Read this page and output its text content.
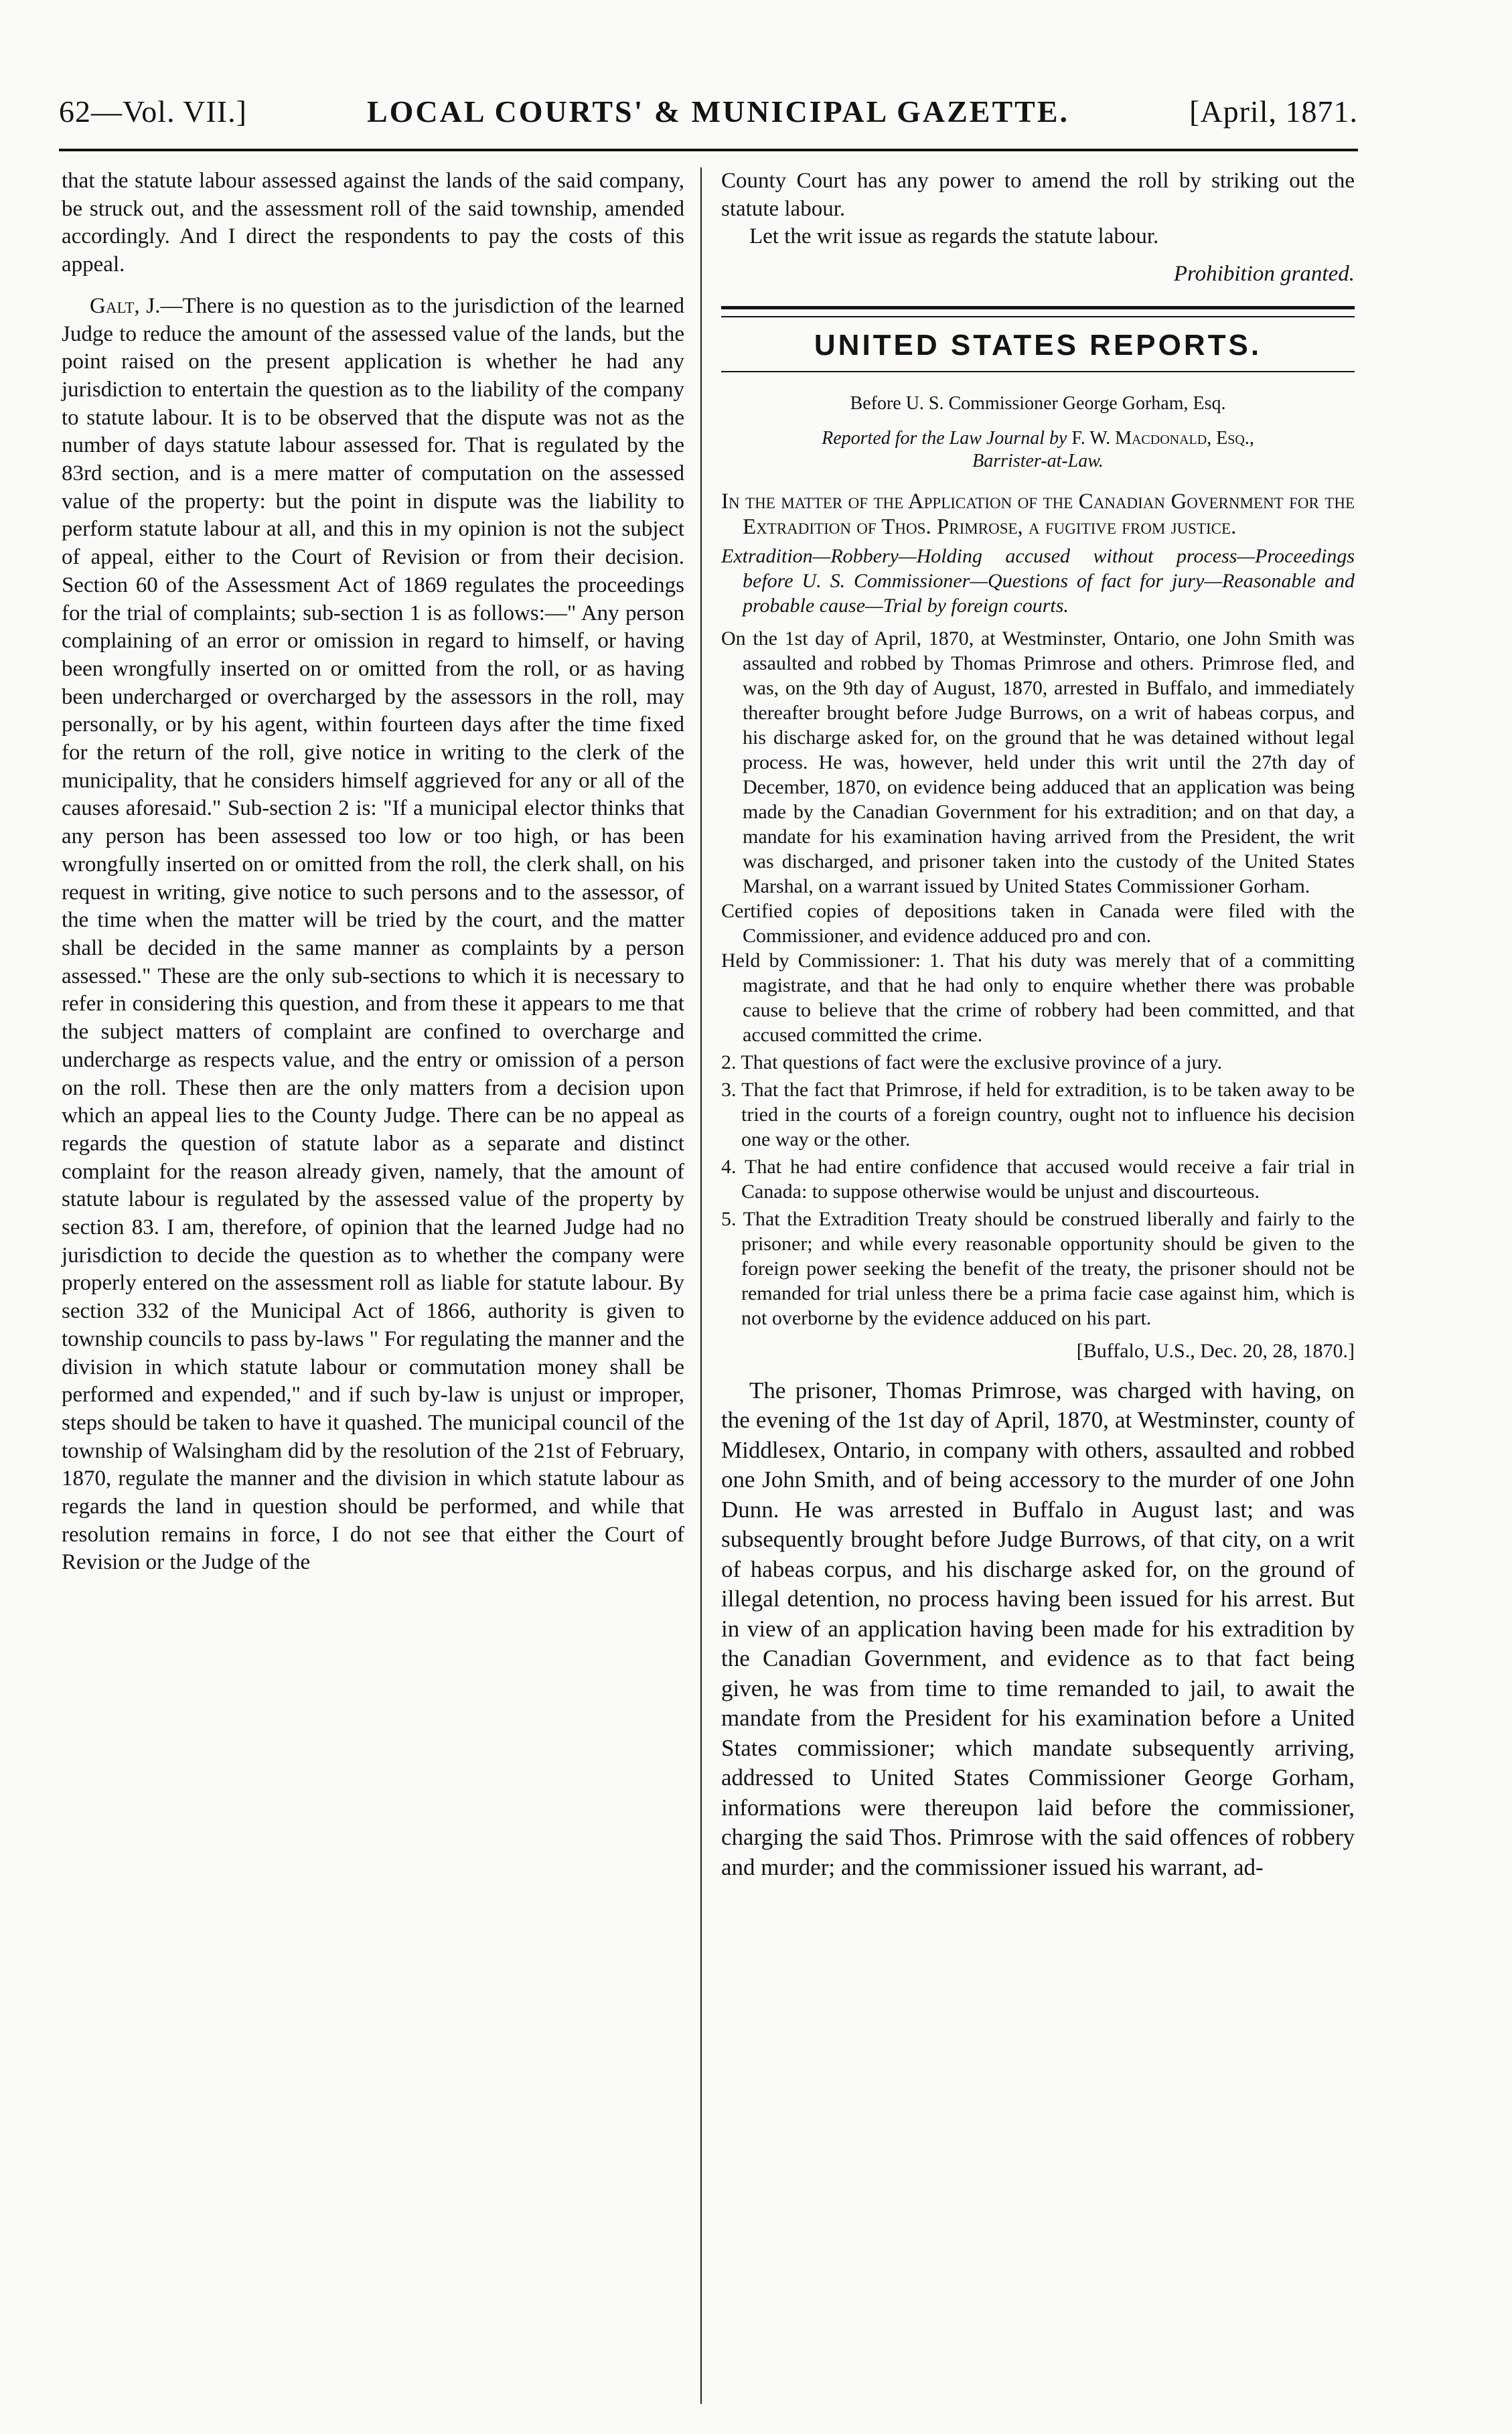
62—Vol. VII.]	LOCAL COURTS' & MUNICIPAL GAZETTE.	[April, 1871.

that the statute labour assessed against the lands of the said company, be struck out, and the assessment roll of the said township, amended accordingly. And I direct the respondents to pay the costs of this appeal.

Galt, J.—There is no question as to the jurisdiction of the learned Judge to reduce the amount of the assessed value of the lands, but the point raised on the present application is whether he had any jurisdiction to entertain the question as to the liability of the company to statute labour. It is to be observed that the dispute was not as the number of days statute labour assessed for. That is regulated by the 83rd section, and is a mere matter of computation on the assessed value of the property: but the point in dispute was the liability to perform statute labour at all, and this in my opinion is not the subject of appeal, either to the Court of Revision or from their decision. Section 60 of the Assessment Act of 1869 regulates the proceedings for the trial of complaints; sub-section 1 is as follows:—" Any person complaining of an error or omission in regard to himself, or having been wrongfully inserted on or omitted from the roll, or as having been undercharged or overcharged by the assessors in the roll, may personally, or by his agent, within fourteen days after the time fixed for the return of the roll, give notice in writing to the clerk of the municipality, that he considers himself aggrieved for any or all of the causes aforesaid." Sub-section 2 is: "If a municipal elector thinks that any person has been assessed too low or too high, or has been wrongfully inserted on or omitted from the roll, the clerk shall, on his request in writing, give notice to such persons and to the assessor, of the time when the matter will be tried by the court, and the matter shall be decided in the same manner as complaints by a person assessed." These are the only sub-sections to which it is necessary to refer in considering this question, and from these it appears to me that the subject matters of complaint are confined to overcharge and undercharge as respects value, and the entry or omission of a person on the roll. These then are the only matters from a decision upon which an appeal lies to the County Judge. There can be no appeal as regards the question of statute labor as a separate and distinct complaint for the reason already given, namely, that the amount of statute labour is regulated by the assessed value of the property by section 83. I am, therefore, of opinion that the learned Judge had no jurisdiction to decide the question as to whether the company were properly entered on the assessment roll as liable for statute labour. By section 332 of the Municipal Act of 1866, authority is given to township councils to pass by-laws " For regulating the manner and the division in which statute labour or commutation money shall be performed and expended," and if such by-law is unjust or improper, steps should be taken to have it quashed. The municipal council of the township of Walsingham did by the resolution of the 21st of February, 1870, regulate the manner and the division in which statute labour as regards the land in question should be performed, and while that resolution remains in force, I do not see that either the Court of Revision or the Judge of the

County Court has any power to amend the roll by striking out the statute labour.

Let the writ issue as regards the statute labour.

Prohibition granted.

UNITED STATES REPORTS.

Before U. S. Commissioner George Gorham, Esq.

Reported for the Law Journal by F. W. Macdonald, Esq.,

Barrister-at-Law.

In the matter of the Application of the Canadian Government for the Extradition of Thos. Primrose, a fugitive from justice.

Extradition—Robbery—Holding accused without process—Proceedings before U. S. Commissioner—Questions of fact for jury—Reasonable and probable cause—Trial by foreign courts.

On the 1st day of April, 1870, at Westminster, Ontario, one John Smith was assaulted and robbed by Thomas Primrose and others. Primrose fled, and was, on the 9th day of August, 1870, arrested in Buffalo, and immediately thereafter brought before Judge Burrows, on a writ of habeas corpus, and his discharge asked for, on the ground that he was detained without legal process. He was, however, held under this writ until the 27th day of December, 1870, on evidence being adduced that an application was being made by the Canadian Government for his extradition; and on that day, a mandate for his examination having arrived from the President, the writ was discharged, and prisoner taken into the custody of the United States Marshal, on a warrant issued by United States Commissioner Gorham.

Certified copies of depositions taken in Canada were filed with the Commissioner, and evidence adduced pro and con.

Held by Commissioner: 1. That his duty was merely that of a committing magistrate, and that he had only to enquire whether there was probable cause to believe that the crime of robbery had been committed, and that accused committed the crime.

2. That questions of fact were the exclusive province of a jury.

3. That the fact that Primrose, if held for extradition, is to be taken away to be tried in the courts of a foreign country, ought not to influence his decision one way or the other.

4. That he had entire confidence that accused would receive a fair trial in Canada: to suppose otherwise would be unjust and discourteous.

5. That the Extradition Treaty should be construed liberally and fairly to the prisoner; and while every reasonable opportunity should be given to the foreign power seeking the benefit of the treaty, the prisoner should not be remanded for trial unless there be a prima facie case against him, which is not overborne by the evidence adduced on his part.

[Buffalo, U.S., Dec. 20, 28, 1870.]

The prisoner, Thomas Primrose, was charged with having, on the evening of the 1st day of April, 1870, at Westminster, county of Middlesex, Ontario, in company with others, assaulted and robbed one John Smith, and of being accessory to the murder of one John Dunn. He was arrested in Buffalo in August last; and was subsequently brought before Judge Burrows, of that city, on a writ of habeas corpus, and his discharge asked for, on the ground of illegal detention, no process having been issued for his arrest. But in view of an application having been made for his extradition by the Canadian Government, and evidence as to that fact being given, he was from time to time remanded to jail, to await the mandate from the President for his examination before a United States commissioner; which mandate subsequently arriving, addressed to United States Commissioner George Gorham, informations were thereupon laid before the commissioner, charging the said Thos. Primrose with the said offences of robbery and murder; and the commissioner issued his warrant, ad-
